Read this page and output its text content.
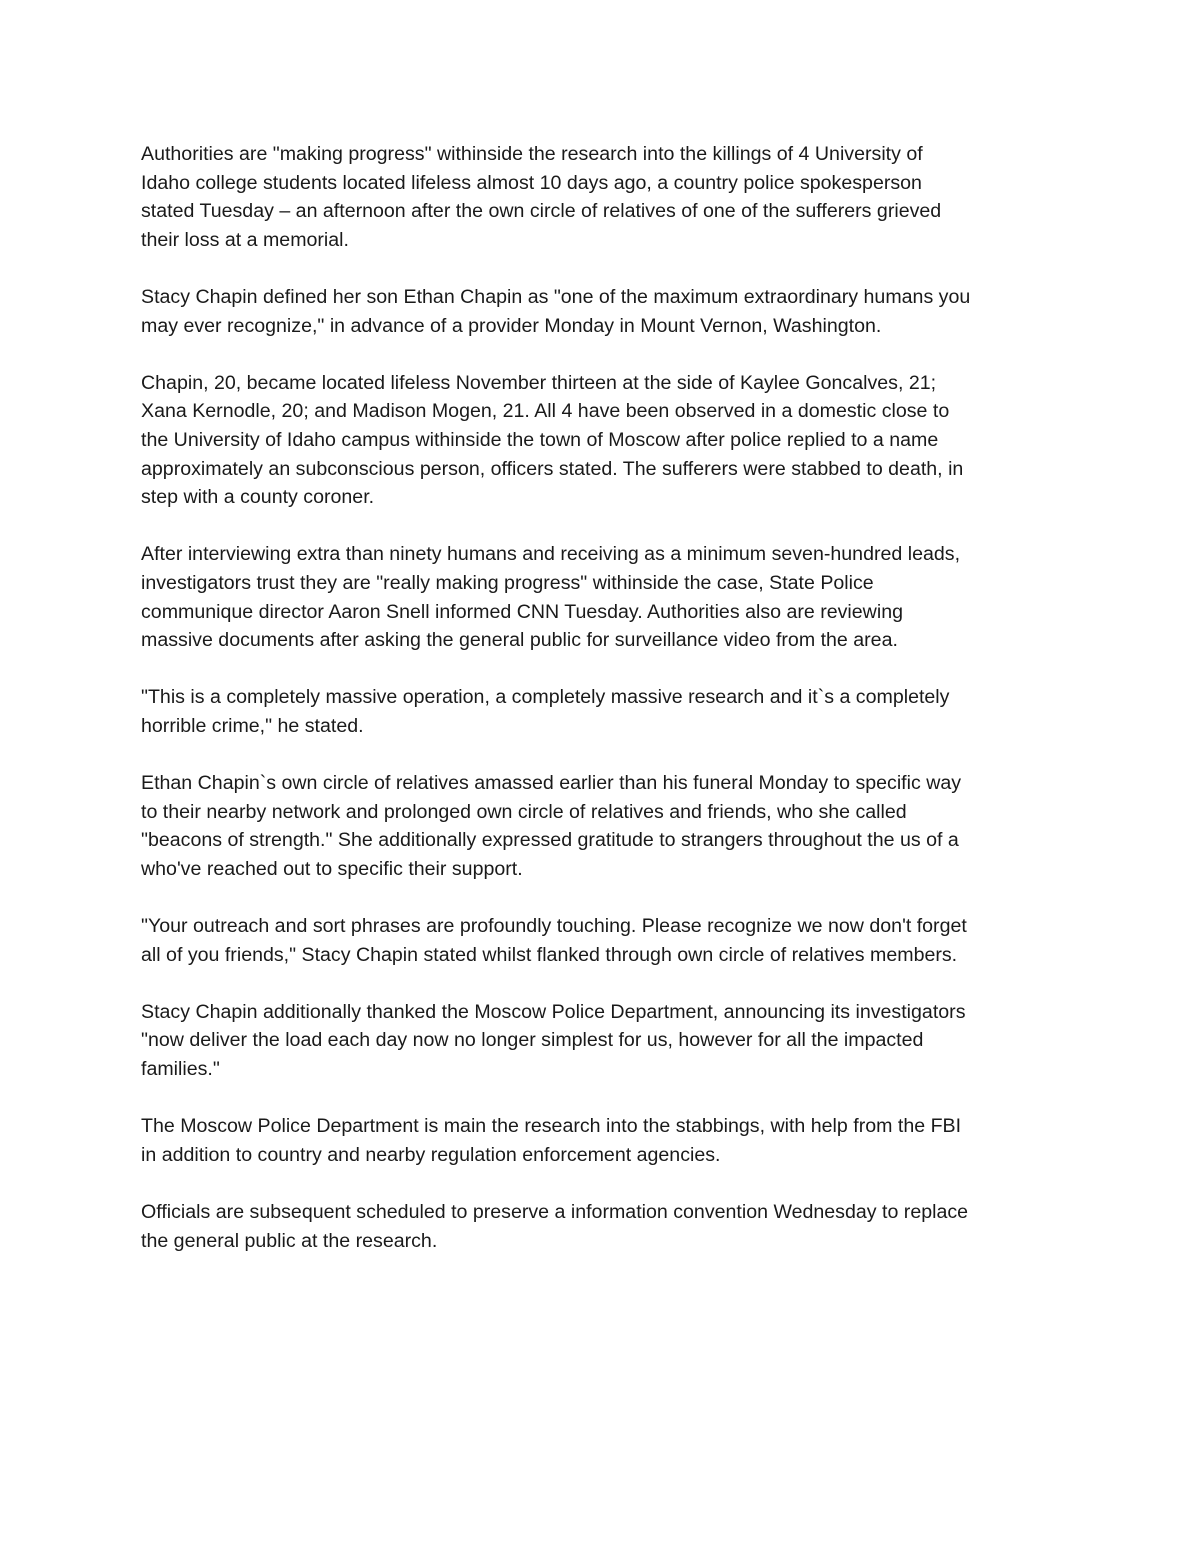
Authorities are "making progress" withinside the research into the killings of 4 University of
Idaho college students located lifeless almost 10 days ago, a country police spokesperson
stated Tuesday – an afternoon after the own circle of relatives of one of the sufferers grieved
their loss at a memorial.

Stacy Chapin defined her son Ethan Chapin as "one of the maximum extraordinary humans you
may ever recognize," in advance of a provider Monday in Mount Vernon, Washington.

Chapin, 20, became located lifeless November thirteen at the side of Kaylee Goncalves, 21;
Xana Kernodle, 20; and Madison Mogen, 21. All 4 have been observed in a domestic close to
the University of Idaho campus withinside the town of Moscow after police replied to a name
approximately an subconscious person, officers stated. The sufferers were stabbed to death, in
step with a county coroner.

After interviewing extra than ninety humans and receiving as a minimum seven-hundred leads,
investigators trust they are "really making progress" withinside the case, State Police
communique director Aaron Snell informed CNN Tuesday. Authorities also are reviewing
massive documents after asking the general public for surveillance video from the area.

"This is a completely massive operation, a completely massive research and it`s a completely
horrible crime," he stated.

Ethan Chapin`s own circle of relatives amassed earlier than his funeral Monday to specific way
to their nearby network and prolonged own circle of relatives and friends, who she called
"beacons of strength." She additionally expressed gratitude to strangers throughout the us of a
who've reached out to specific their support.

"Your outreach and sort phrases are profoundly touching. Please recognize we now don't forget
all of you friends," Stacy Chapin stated whilst flanked through own circle of relatives members.

Stacy Chapin additionally thanked the Moscow Police Department, announcing its investigators
"now deliver the load each day now no longer simplest for us, however for all the impacted
families."

The Moscow Police Department is main the research into the stabbings, with help from the FBI
in addition to country and nearby regulation enforcement agencies.

Officials are subsequent scheduled to preserve a information convention Wednesday to replace
the general public at the research.
